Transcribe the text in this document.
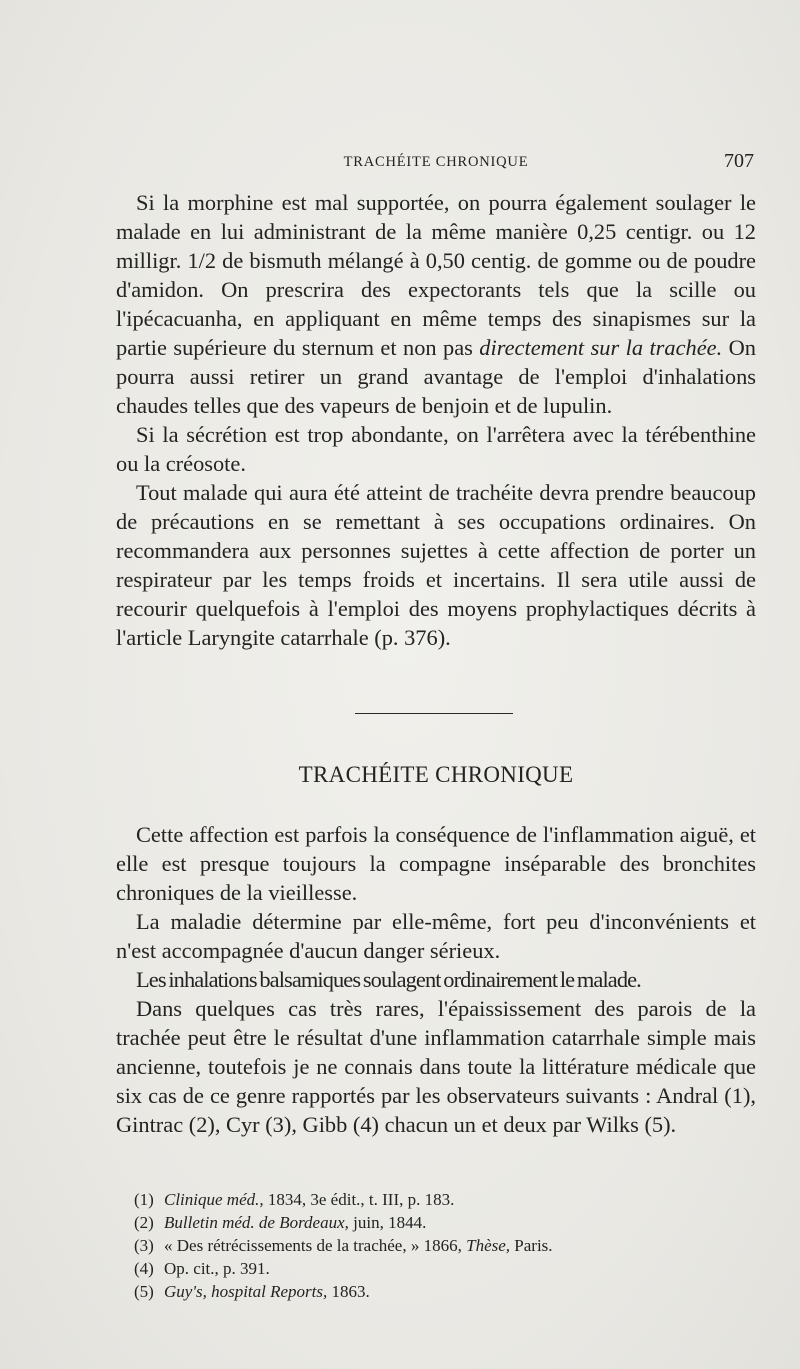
TRACHÉITE CHRONIQUE	707

Si la morphine est mal supportée, on pourra également soulager le malade en lui administrant de la même manière 0,25 centigr. ou 12 milligr. 1/2 de bismuth mélangé à 0,50 centig. de gomme ou de poudre d'amidon. On prescrira des expectorants tels que la scille ou l'ipécacuanha, en appliquant en même temps des sinapismes sur la partie supérieure du sternum et non pas directement sur la trachée. On pourra aussi retirer un grand avantage de l'emploi d'inhalations chaudes telles que des vapeurs de benjoin et de lupulin.

Si la sécrétion est trop abondante, on l'arrêtera avec la térébenthine ou la créosote.

Tout malade qui aura été atteint de trachéite devra prendre beaucoup de précautions en se remettant à ses occupations ordinaires. On recommandera aux personnes sujettes à cette affection de porter un respirateur par les temps froids et incertains. Il sera utile aussi de recourir quelquefois à l'emploi des moyens prophylactiques décrits à l'article Laryngite catarrhale (p. 376).

TRACHÉITE CHRONIQUE

Cette affection est parfois la conséquence de l'inflammation aiguë, et elle est presque toujours la compagne inséparable des bronchites chroniques de la vieillesse.

La maladie détermine par elle-même, fort peu d'inconvénients et n'est accompagnée d'aucun danger sérieux.

Les inhalations balsamiques soulagent ordinairement le malade.

Dans quelques cas très rares, l'épaississement des parois de la trachée peut être le résultat d'une inflammation catarrhale simple mais ancienne, toutefois je ne connais dans toute la littérature médicale que six cas de ce genre rapportés par les observateurs suivants : Andral (1), Gintrac (2), Cyr (3), Gibb (4) chacun un et deux par Wilks (5).

(1) Clinique méd., 1834, 3e édit., t. III, p. 183.
(2) Bulletin méd. de Bordeaux, juin, 1844.
(3) « Des rétrécissements de la trachée, » 1866, Thèse, Paris.
(4) Op. cit., p. 391.
(5) Guy's, hospital Reports, 1863.
